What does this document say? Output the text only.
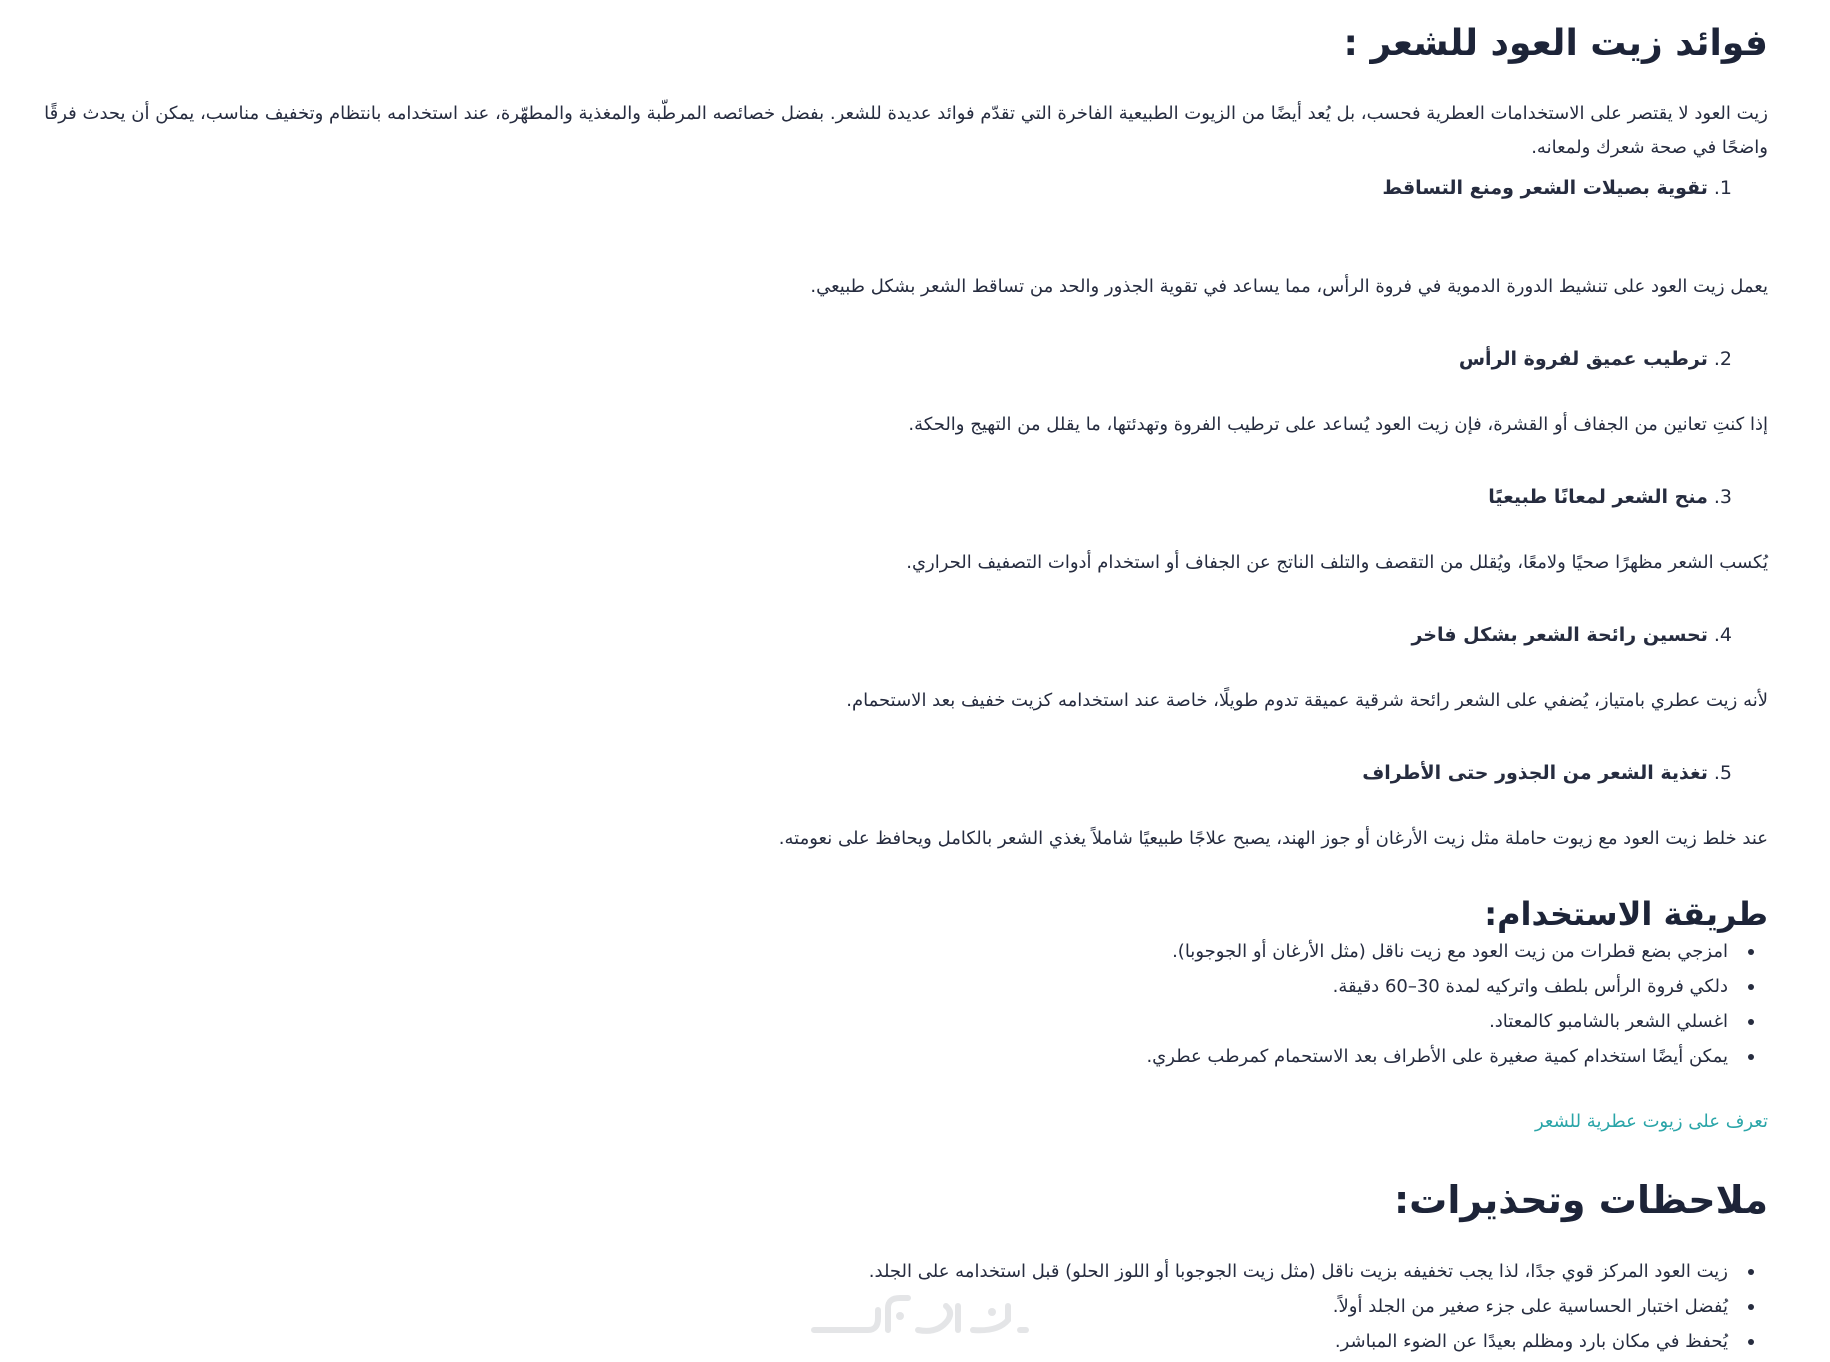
فوائد زيت العود للشعر :

زيت العود لا يقتصر على الاستخدامات العطرية فحسب، بل يُعد أيضًا من الزيوت الطبيعية الفاخرة التي تقدّم فوائد عديدة للشعر. بفضل خصائصه المرطّبة والمغذية والمطهّرة، عند استخدامه بانتظام وتخفيف مناسب، يمكن أن يحدث فرقًا واضحًا في صحة شعرك ولمعانه.

1.تقوية بصيلات الشعر ومنع التساقط

يعمل زيت العود على تنشيط الدورة الدموية في فروة الرأس، مما يساعد في تقوية الجذور والحد من تساقط الشعر بشكل طبيعي.

2.ترطيب عميق لفروة الرأس

إذا كنتِ تعانين من الجفاف أو القشرة، فإن زيت العود يُساعد على ترطيب الفروة وتهدئتها، ما يقلل من التهيج والحكة.

3.منح الشعر لمعانًا طبيعيًا

يُكسب الشعر مظهرًا صحيًا ولامعًا، ويُقلل من التقصف والتلف الناتج عن الجفاف أو استخدام أدوات التصفيف الحراري.

4.تحسين رائحة الشعر بشكل فاخر

لأنه زيت عطري بامتياز، يُضفي على الشعر رائحة شرقية عميقة تدوم طويلًا، خاصة عند استخدامه كزيت خفيف بعد الاستحمام.

5.تغذية الشعر من الجذور حتى الأطراف

عند خلط زيت العود مع زيوت حاملة مثل زيت الأرغان أو جوز الهند، يصبح علاجًا طبيعيًا شاملاً يغذي الشعر بالكامل ويحافظ على نعومته.

طريقة الاستخدام:
امزجي بضع قطرات من زيت العود مع زيت ناقل (مثل الأرغان أو الجوجوبا).
دلكي فروة الرأس بلطف واتركيه لمدة 30–60 دقيقة.
اغسلي الشعر بالشامبو كالمعتاد.
يمكن أيضًا استخدام كمية صغيرة على الأطراف بعد الاستحمام كمرطب عطري.
تعرف على زيوت عطرية للشعر
ملاحظات وتحذيرات:
زيت العود المركز قوي جدًا، لذا يجب تخفيفه بزيت ناقل (مثل زيت الجوجوبا أو اللوز الحلو) قبل استخدامه على الجلد.
يُفضل اختبار الحساسية على جزء صغير من الجلد أولاً.
يُحفظ في مكان بارد ومظلم بعيدًا عن الضوء المباشر.
